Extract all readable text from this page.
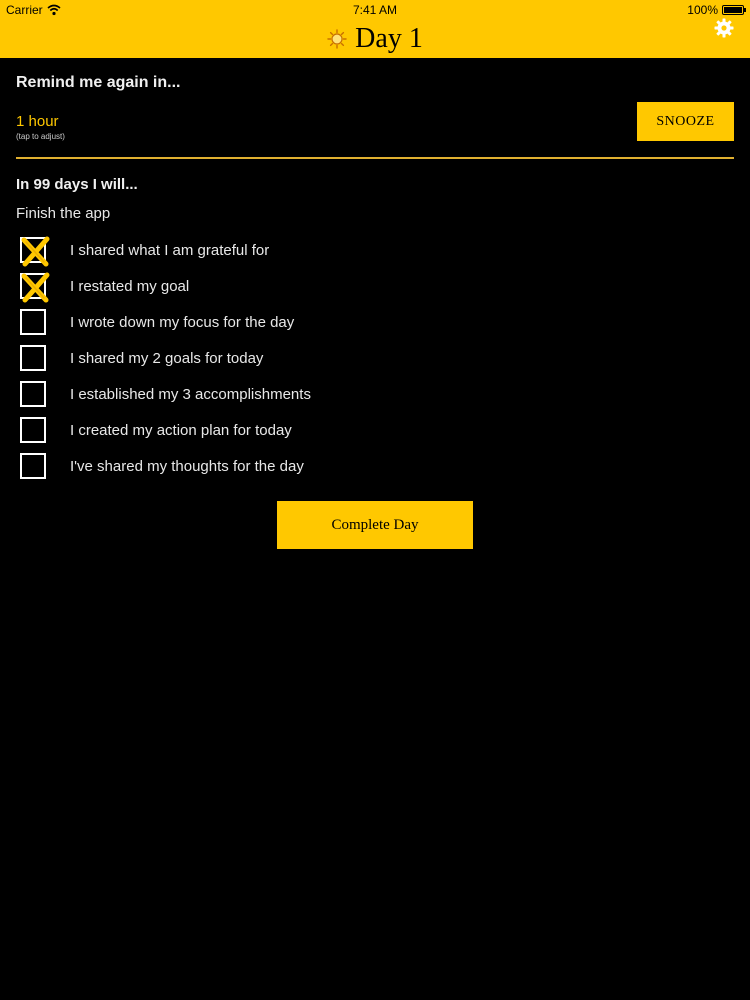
Carrier	7:41 AM	100%
Day 1
Remind me again in...
1 hour
(tap to adjust)
SNOOZE
In 99 days I will...
Finish the app
I shared what I am grateful for
I restated my goal
I wrote down my focus for the day
I shared my 2 goals for today
I established my 3 accomplishments
I created my action plan for today
I've shared my thoughts for the day
Complete Day
